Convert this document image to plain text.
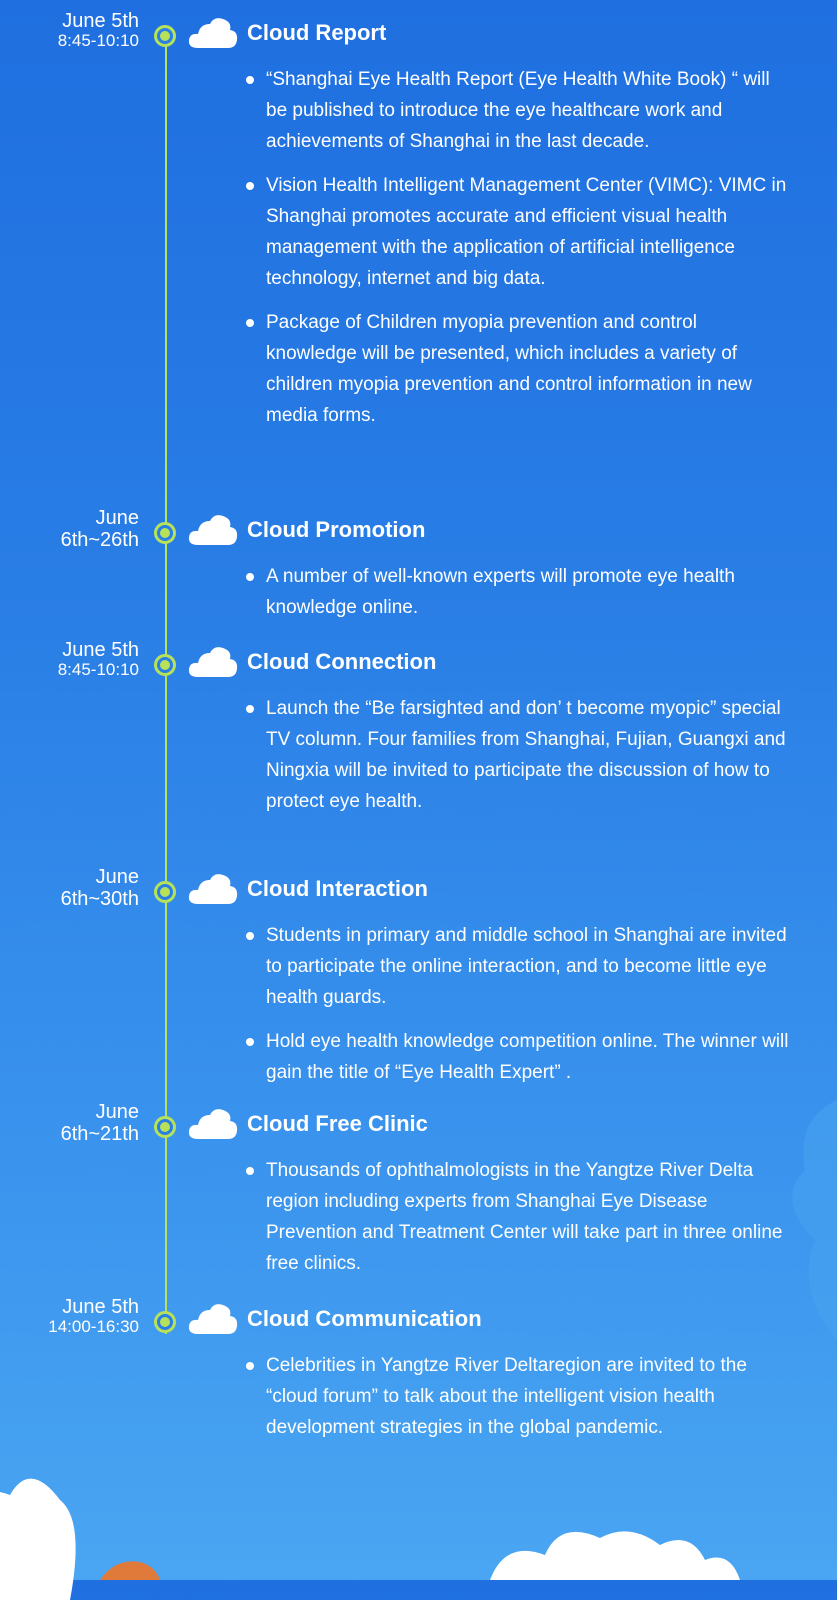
June 5th
8:45-10:10	Cloud Report
“Shanghai Eye Health Report (Eye Health White Book) “ will be published to introduce the eye healthcare work and achievements of Shanghai in the last decade.
Vision Health Intelligent Management Center (VIMC): VIMC in Shanghai promotes accurate and efficient visual health management with the application of artificial intelligence technology, internet and big data.
Package of Children myopia prevention and control knowledge will be presented, which includes a variety of children myopia prevention and control information in new media forms.
June
6th~26th	Cloud Promotion
A number of well-known experts will promote eye health knowledge online.
June 5th
8:45-10:10	Cloud Connection
Launch the “Be farsighted and don’ t become myopic” special TV column. Four families from Shanghai, Fujian, Guangxi and Ningxia will be invited to participate the discussion of how to protect eye health.
June
6th~30th	Cloud Interaction
Students in primary and middle school in Shanghai are invited to participate the online interaction, and to become little eye health guards.
Hold eye health knowledge competition online. The winner will gain the title of “Eye Health Expert” .
June
6th~21th	Cloud Free Clinic
Thousands of ophthalmologists in the Yangtze River Delta region including experts from Shanghai Eye Disease Prevention and Treatment Center will take part in three online free clinics.
June 5th
14:00-16:30	Cloud Communication
Celebrities in Yangtze River Deltaregion are invited to the “cloud forum” to talk about the intelligent vision health development strategies in the global pandemic.
